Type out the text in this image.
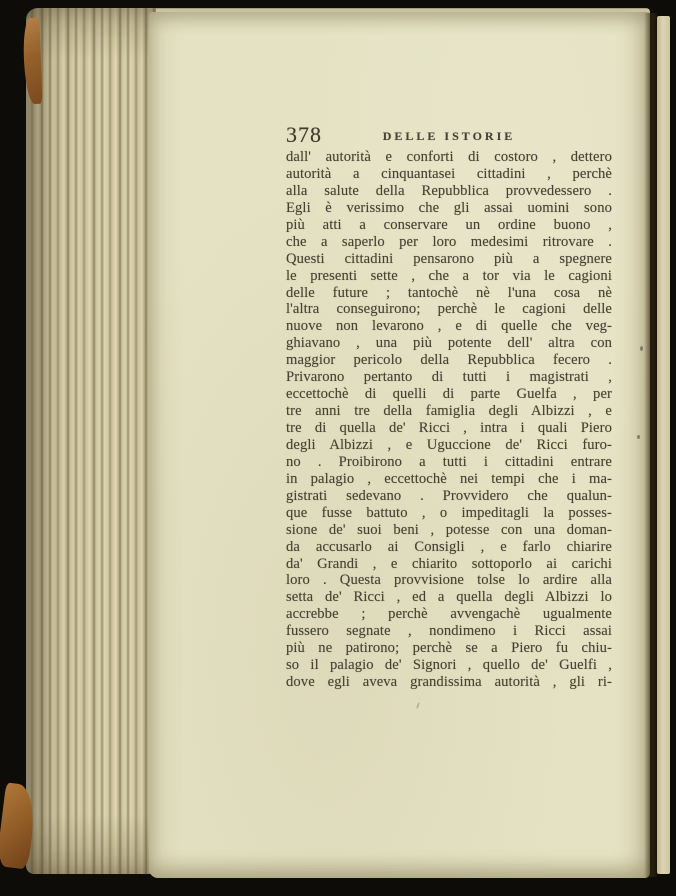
378	DELLE ISTORIE
dall' autorità e conforti di costoro , dettero
autorità a cinquantasei cittadini , perchè
alla salute della Repubblica provvedessero .
Egli è verissimo che gli assai uomini sono
più atti a conservare un ordine buono ,
che a saperlo per loro medesimi ritrovare .
Questi cittadini pensarono più a spegnere
le presenti sette , che a tor via le cagioni
delle future ; tantochè nè l'una cosa nè
l'altra conseguirono; perchè le cagioni delle
nuove non levarono , e di quelle che veg-
ghiavano , una più potente dell' altra con
maggior pericolo della Repubblica fecero .
Privarono pertanto di tutti i magistrati ,
eccettochè di quelli di parte Guelfa , per
tre anni tre della famiglia degli Albizzi , e
tre di quella de' Ricci , intra i quali Piero
degli Albizzi , e Uguccione de' Ricci furo-
no . Proibirono a tutti i cittadini entrare
in palagio , eccettochè nei tempi che i ma-
gistrati sedevano . Provvidero che qualun-
que fusse battuto , o impeditagli la posses-
sione de' suoi beni , potesse con una doman-
da accusarlo ai Consigli , e farlo chiarire
da' Grandi , e chiarito sottoporlo ai carichi
loro . Questa provvisione tolse lo ardire alla
setta de' Ricci , ed a quella degli Albizzi lo
accrebbe ; perchè avvengachè ugualmente
fussero segnate , nondimeno i Ricci assai
più ne patirono; perchè se a Piero fu chiu-
so il palagio de' Signori , quello de' Guelfi ,
dove egli aveva grandissima autorità , gli ri-
